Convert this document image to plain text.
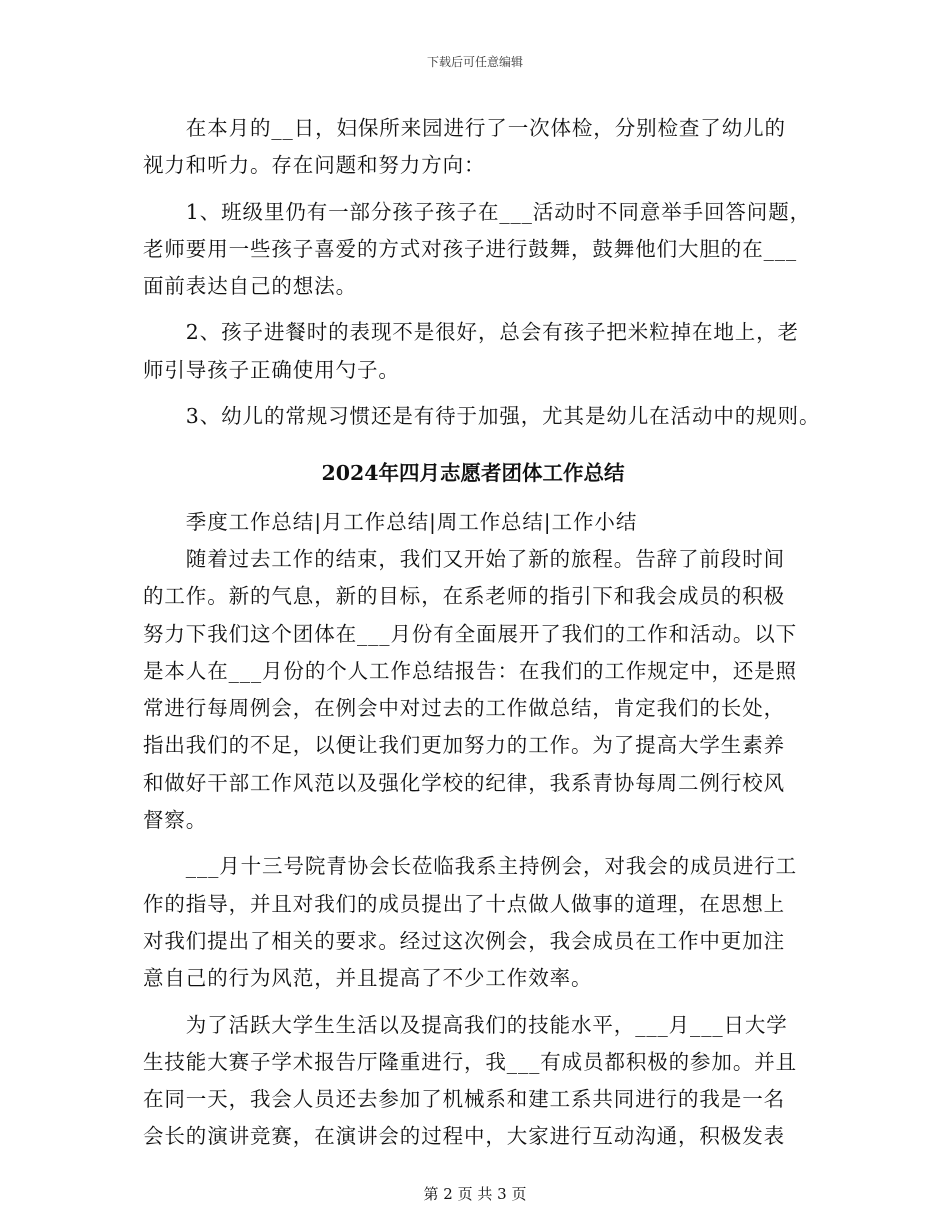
下载后可任意编辑
　　在本月的__日，妇保所来园进行了一次体检，分别检查了幼儿的
视力和听力。存在问题和努力方向：
　　1、班级里仍有一部分孩子孩子在___活动时不同意举手回答问题，
老师要用一些孩子喜爱的方式对孩子进行鼓舞，鼓舞他们大胆的在___
面前表达自己的想法。
　　2、孩子进餐时的表现不是很好，总会有孩子把米粒掉在地上，老
师引导孩子正确使用勺子。
　　3、幼儿的常规习惯还是有待于加强，尤其是幼儿在活动中的规则。
2024年四月志愿者团体工作总结
　　季度工作总结|月工作总结|周工作总结|工作小结
　　随着过去工作的结束，我们又开始了新的旅程。告辞了前段时间
的工作。新的气息，新的目标，在系老师的指引下和我会成员的积极
努力下我们这个团体在___月份有全面展开了我们的工作和活动。以下
是本人在___月份的个人工作总结报告：在我们的工作规定中，还是照
常进行每周例会，在例会中对过去的工作做总结，肯定我们的长处，
指出我们的不足，以便让我们更加努力的工作。为了提高大学生素养
和做好干部工作风范以及强化学校的纪律，我系青协每周二例行校风
督察。
　　___月十三号院青协会长莅临我系主持例会，对我会的成员进行工
作的指导，并且对我们的成员提出了十点做人做事的道理，在思想上
对我们提出了相关的要求。经过这次例会，我会成员在工作中更加注
意自己的行为风范，并且提高了不少工作效率。
　　为了活跃大学生生活以及提高我们的技能水平，___月___日大学
生技能大赛子学术报告厅隆重进行，我___有成员都积极的参加。并且
在同一天，我会人员还去参加了机械系和建工系共同进行的我是一名
会长的演讲竞赛，在演讲会的过程中，大家进行互动沟通，积极发表
第 2 页 共 3 页
